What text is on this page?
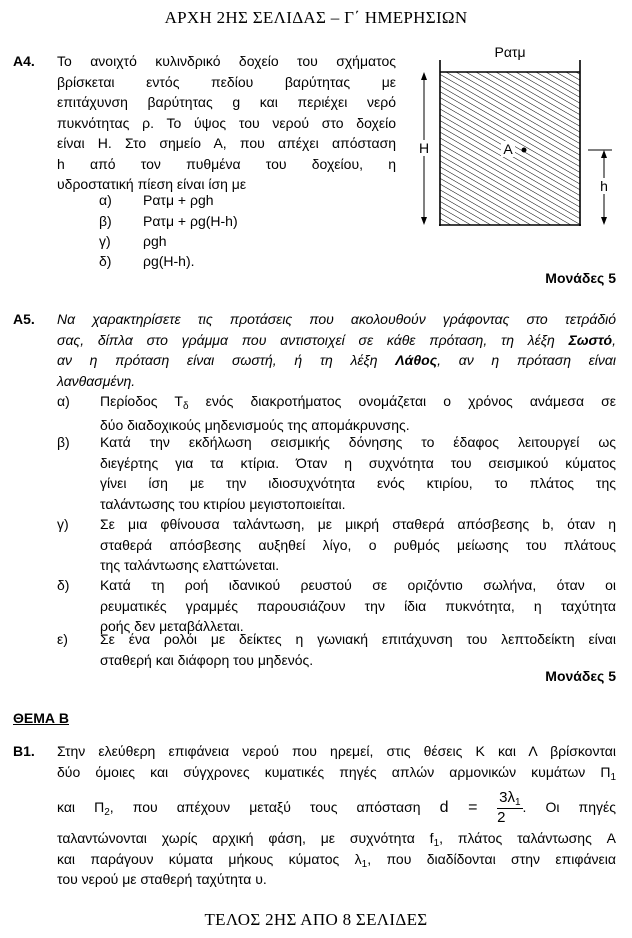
ΑΡΧΗ 2ΗΣ ΣΕΛΙΔΑΣ – Γ΄ ΗΜΕΡΗΣΙΩΝ
Α4. Το ανοιχτό κυλινδρικό δοχείο του σχήματος
βρίσκεται εντός πεδίου βαρύτητας με
επιτάχυνση βαρύτητας g και περιέχει νερό
πυκνότητας ρ. Το ύψος του νερού στο δοχείο
είναι H. Στο σημείο Α, που απέχει απόσταση
h από τον πυθμένα του δοχείου, η
υδροστατική πίεση είναι ίση με
α) Pατμ + ρgh
β) Pατμ + ρg(H-h)
γ) ρgh
δ) ρg(H-h).
Pατμ
H	A
h
Μονάδες 5
Α5. Να χαρακτηρίσετε τις προτάσεις που ακολουθούν γράφοντας στο τετράδιό
σας, δίπλα στο γράμμα που αντιστοιχεί σε κάθε πρόταση, τη λέξη Σωστό,
αν η πρόταση είναι σωστή, ή τη λέξη Λάθος, αν η πρόταση είναι
λανθασμένη.
α) Περίοδος $T_\delta$ ενός διακροτήματος ονομάζεται ο χρόνος ανάμεσα σε
δύο διαδοχικούς μηδενισμούς της απομάκρυνσης.
β) Κατά την εκδήλωση σεισμικής δόνησης το έδαφος λειτουργεί ως
διεγέρτης για τα κτίρια. Όταν η συχνότητα του σεισμικού κύματος
γίνει ίση με την ιδιοσυχνότητα ενός κτιρίου, το πλάτος της
ταλάντωσης του κτιρίου μεγιστοποιείται.
γ) Σε μια φθίνουσα ταλάντωση, με μικρή σταθερά απόσβεσης b, όταν η
σταθερά απόσβεσης αυξηθεί λίγο, ο ρυθμός μείωσης του πλάτους
της ταλάντωσης ελαττώνεται.
δ) Κατά τη ροή ιδανικού ρευστού σε οριζόντιο σωλήνα, όταν οι
ρευματικές γραμμές παρουσιάζουν την ίδια πυκνότητα, η ταχύτητα
ροής δεν μεταβάλλεται.
ε) Σε ένα ρολόι με δείκτες η γωνιακή επιτάχυνση του λεπτοδείκτη είναι
σταθερή και διάφορη του μηδενός.
Μονάδες 5
ΘΕΜΑ Β
Β1. Στην ελεύθερη επιφάνεια νερού που ηρεμεί, στις θέσεις Κ και Λ βρίσκονται
δύο όμοιες και σύγχρονες κυματικές πηγές απλών αρμονικών κυμάτων $\Pi_1$
και $\Pi_2$, που απέχουν μεταξύ τους απόσταση $d = \frac{3\lambda_1}{2}$ . Οι πηγές
ταλαντώνονται χωρίς αρχική φάση, με συχνότητα $f_1$, πλάτος ταλάντωσης A
και παράγουν κύματα μήκους κύματος $\lambda_1$, που διαδίδονται στην επιφάνεια
του νερού με σταθερή ταχύτητα υ.
ΤΕΛΟΣ 2ΗΣ ΑΠΟ 8 ΣΕΛΙΔΕΣ
